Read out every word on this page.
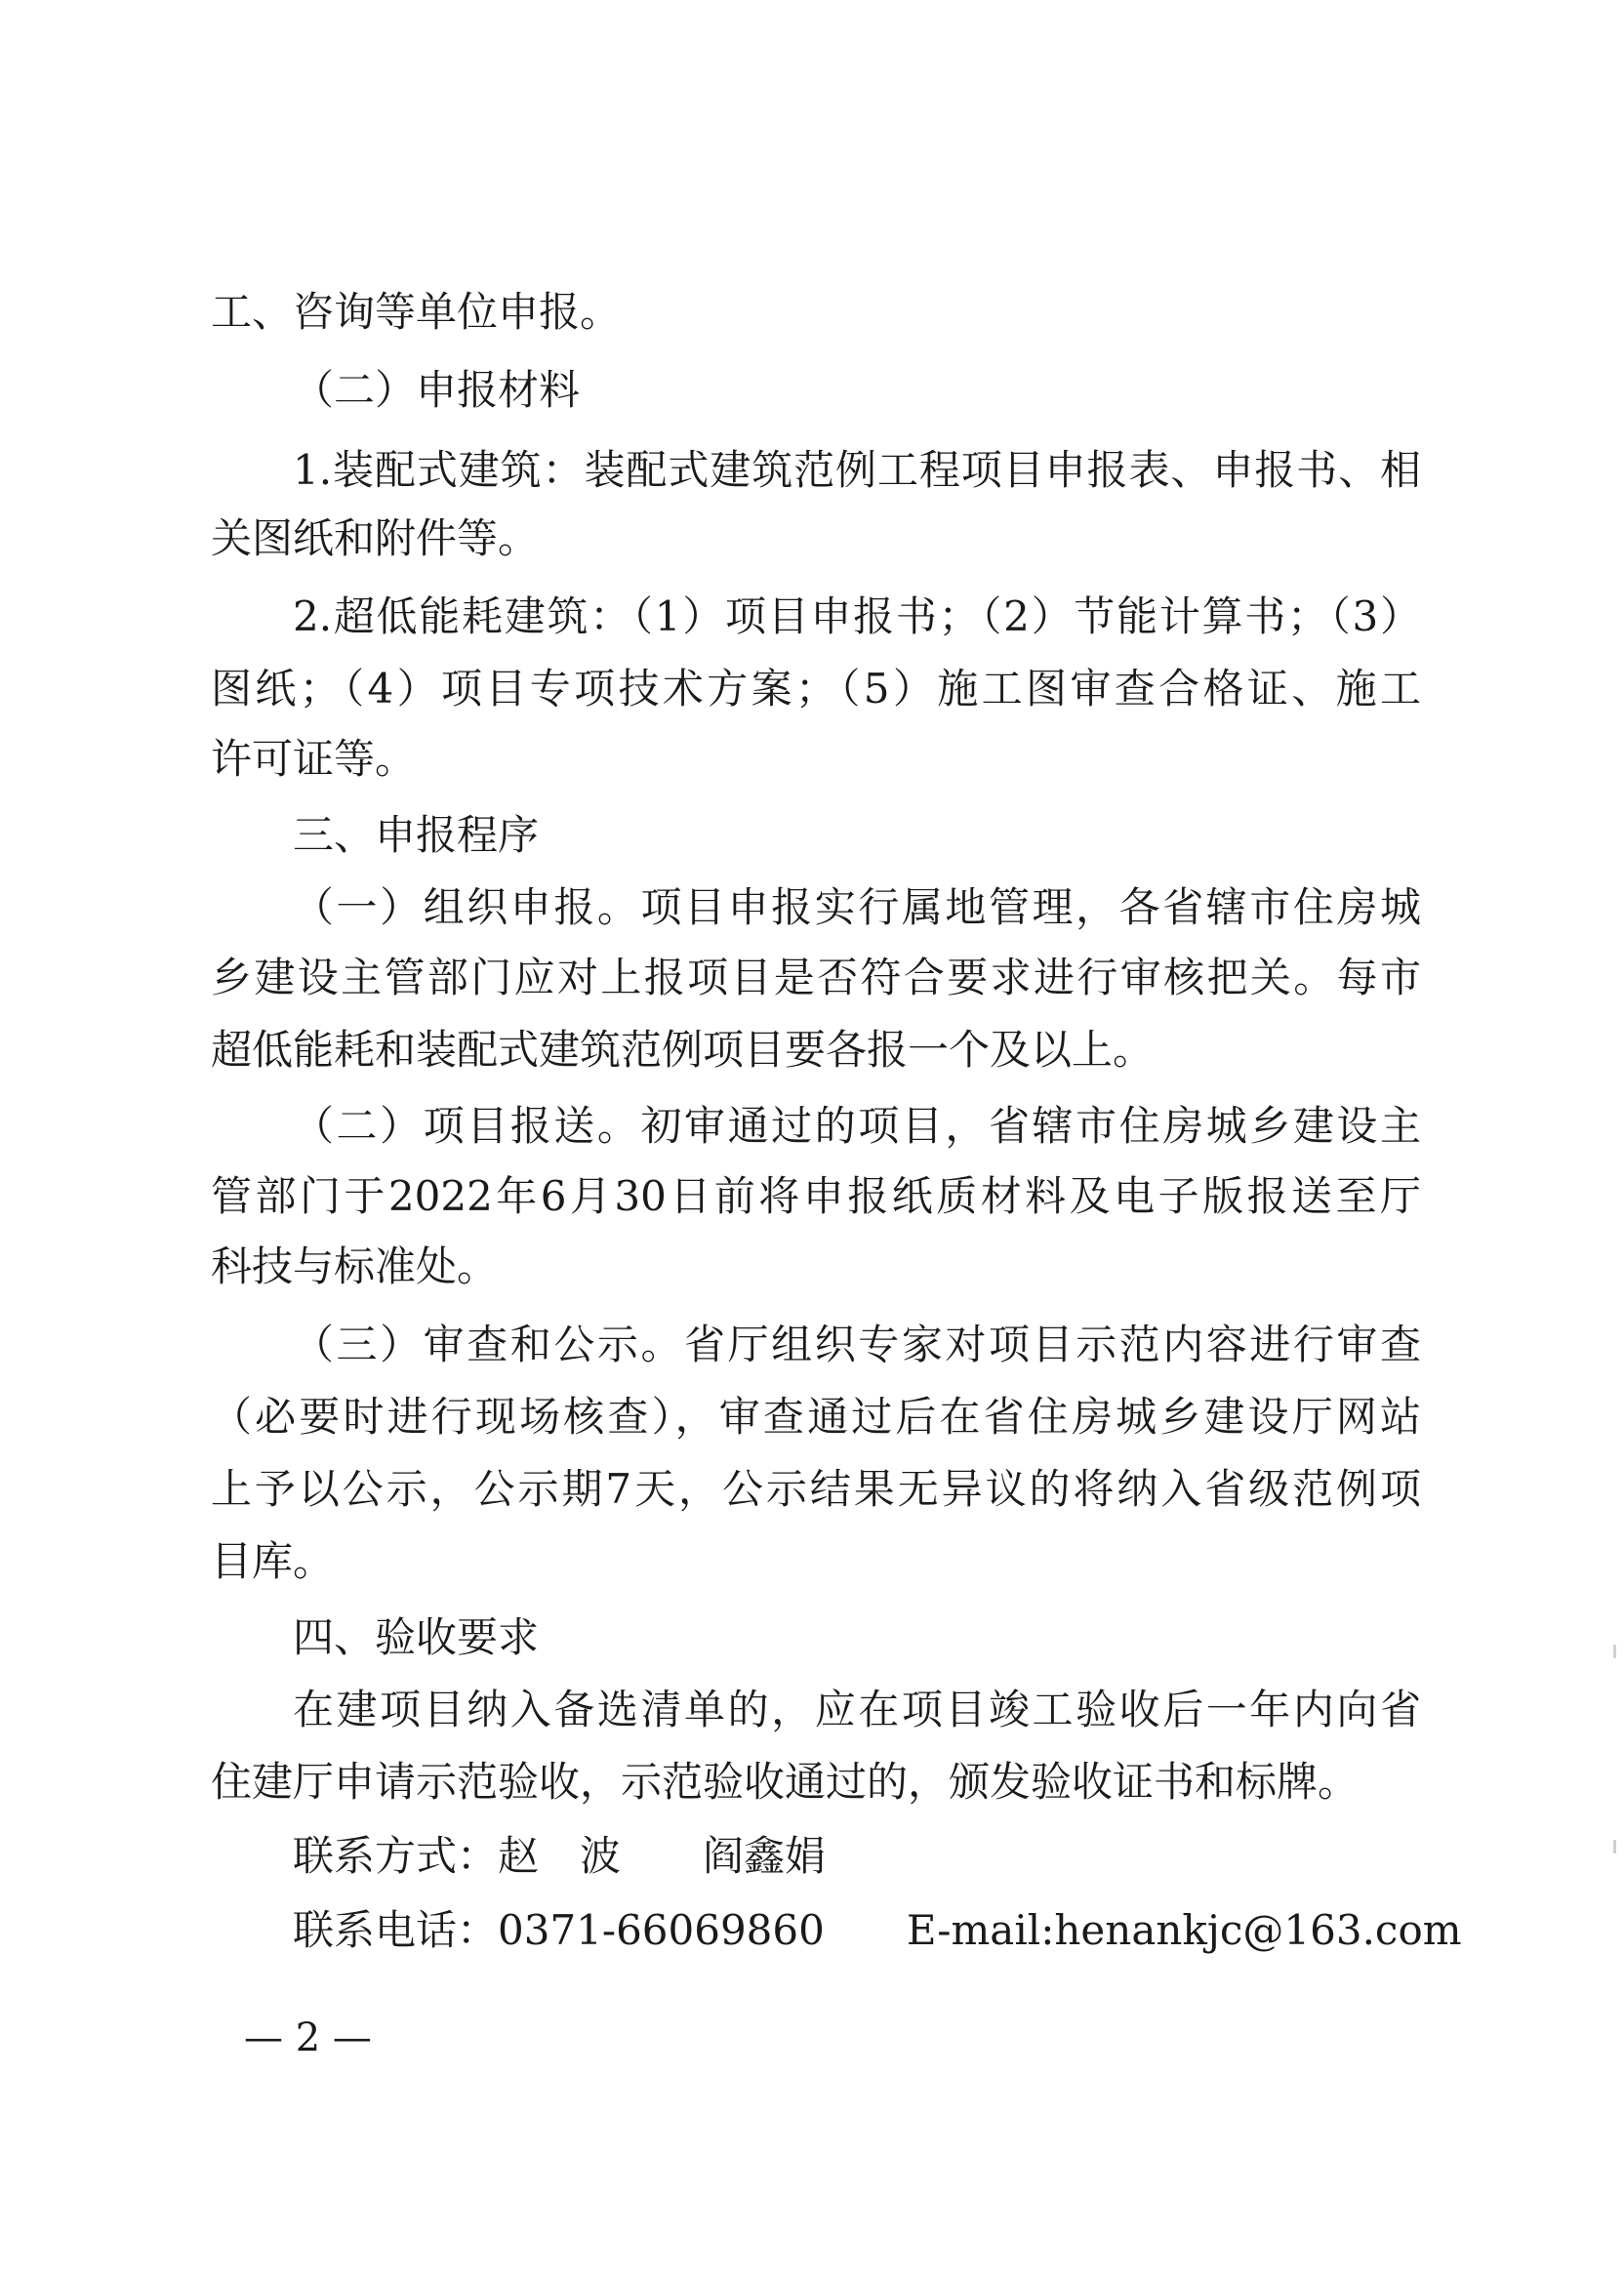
工、咨询等单位申报。
（二）申报材料
1.装配式建筑：装配式建筑范例工程项目申报表、申报书、相
关图纸和附件等。
2.超低能耗建筑：（1）项目申报书；（2）节能计算书；（3）
图纸；（4）项目专项技术方案；（5）施工图审查合格证、施工
许可证等。
三、申报程序
（一）组织申报。项目申报实行属地管理，各省辖市住房城
乡建设主管部门应对上报项目是否符合要求进行审核把关。每市
超低能耗和装配式建筑范例项目要各报一个及以上。
（二）项目报送。初审通过的项目，省辖市住房城乡建设主
管部门于2022年6月30日前将申报纸质材料及电子版报送至厅
科技与标准处。
（三）审查和公示。省厅组织专家对项目示范内容进行审查
（必要时进行现场核查），审查通过后在省住房城乡建设厅网站
上予以公示，公示期7天，公示结果无异议的将纳入省级范例项
目库。
四、验收要求
在建项目纳入备选清单的，应在项目竣工验收后一年内向省
住建厅申请示范验收，示范验收通过的，颁发验收证书和标牌。
联系方式：赵　波　　阎鑫娟
联系电话：0371-66069860　　E-mail:henankjc@163.com
— 2 —
